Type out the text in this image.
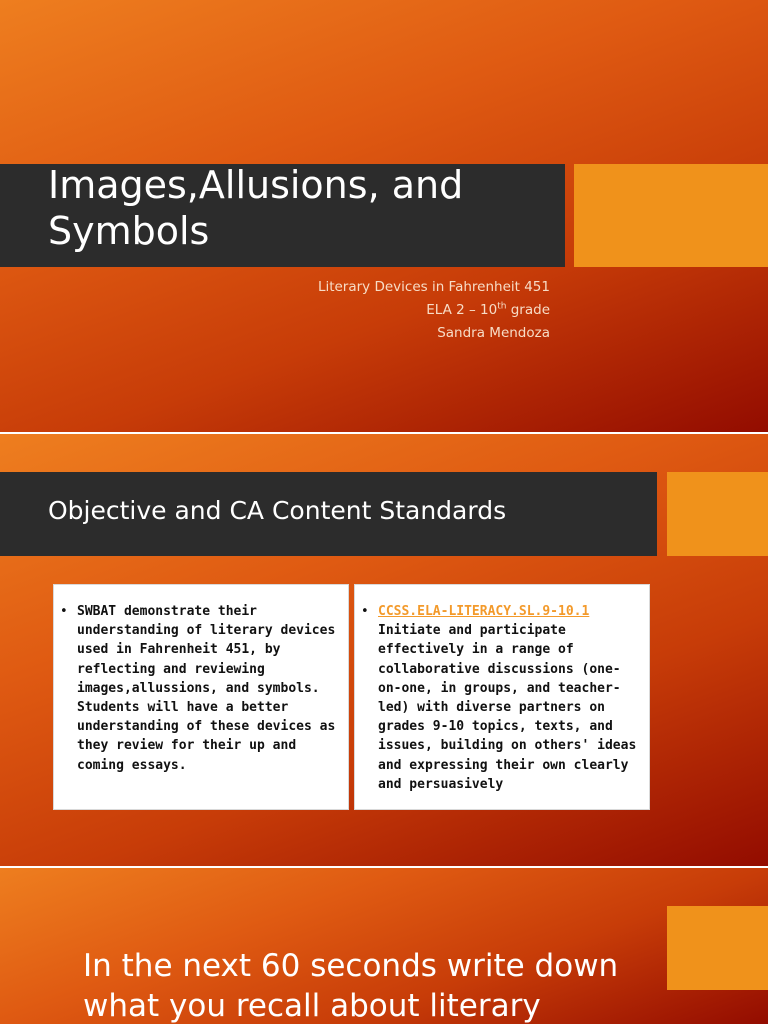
Images,Allusions, and
Symbols
Literary Devices in Fahrenheit 451
ELA 2 – 10th grade
Sandra Mendoza
Objective and CA Content Standards
• SWBAT demonstrate their understanding of literary devices used in Fahrenheit 451, by reflecting and reviewing images,allussions, and symbols. Students will have a better understanding of these devices as they review for their up and coming essays.
• CCSS.ELA-LITERACY.SL.9-10.1
Initiate and participate effectively in a range of collaborative discussions (one-on-one, in groups, and teacher-led) with diverse partners on grades 9-10 topics, texts, and issues, building on others' ideas and expressing their own clearly and persuasively

In the next 60 seconds write down what you recall about literary
